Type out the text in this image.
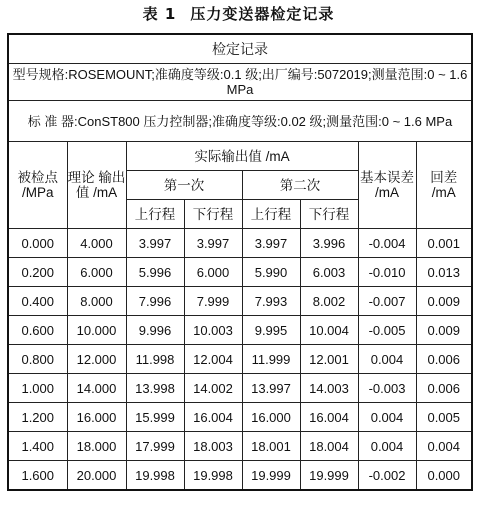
表 1 压力变送器检定记录
检定记录							
型号规格:ROSEMOUNT;准确度等级:0.1 级;出厂编号:5072019;测量范围:0 ~ 1.6 MPa							
标 准 器:ConST800 压力控制器;准确度等级:0.02 级;测量范围:0 ~ 1.6 MPa							
被检点 /MPa	理论 输出值 /mA	实际输出值 /mA				基本误差 /mA	回差 /mA
		第一次		第二次			
		上行程	下行程	上行程	下行程		
0.000	4.000	3.997	3.997	3.997	3.996	-0.004	0.001
0.200	6.000	5.996	6.000	5.990	6.003	-0.010	0.013
0.400	8.000	7.996	7.999	7.993	8.002	-0.007	0.009
0.600	10.000	9.996	10.003	9.995	10.004	-0.005	0.009
0.800	12.000	11.998	12.004	11.999	12.001	0.004	0.006
1.000	14.000	13.998	14.002	13.997	14.003	-0.003	0.006
1.200	16.000	15.999	16.004	16.000	16.004	0.004	0.005
1.400	18.000	17.999	18.003	18.001	18.004	0.004	0.004
1.600	20.000	19.998	19.998	19.999	19.999	-0.002	0.000
